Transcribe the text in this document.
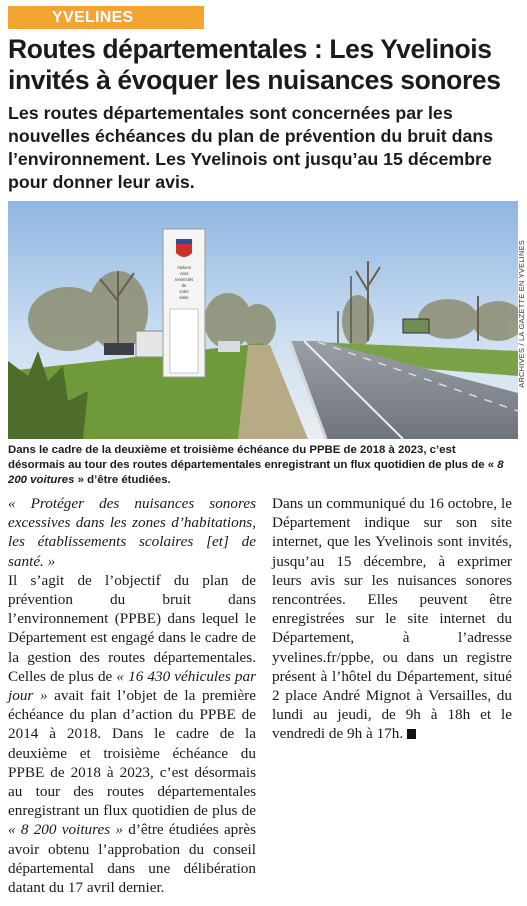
YVELINES
Routes départementales : Les Yvelinois invités à évoquer les nuisances sonores

Les routes départementales sont concernées par les nouvelles échéances du plan de prévention du bruit dans l’environnement. Les Yvelinois ont jusqu’au 15 décembre pour donner leur avis.

Ateliers
vous
remerciés
de
votre
visite	ARCHIVES / LA GAZETTE EN YVELINES

Dans le cadre de la deuxième et troisième échéance du PPBE de 2018 à 2023, c’est désormais au tour des routes départementales enregistrant un flux quotidien de plus de « 8 200 voitures » d’être étudiées.

« Protéger des nuisances sonores excessives dans les zones d’habitations, les établissements scolaires [et] de santé. »

Il s’agit de l’objectif du plan de prévention du bruit dans l’environnement (PPBE) dans lequel le Département est engagé dans le cadre de la gestion des routes départementales. Celles de plus de « 16 430 véhicules par jour » avait fait l’objet de la première échéance du plan d’action du PPBE de 2014 à 2018. Dans le cadre de la deuxième et troisième échéance du PPBE de 2018 à 2023, c’est désormais au tour des routes départementales enregistrant un flux quotidien de plus de « 8 200 voitures » d’être étudiées après avoir obtenu l’approbation du conseil départemental dans une délibération datant du 17 avril dernier.

Dans un communiqué du 16 octobre, le Département indique sur son site internet, que les Yvelinois sont invités, jusqu’au 15 décembre, à exprimer leurs avis sur les nuisances sonores rencontrées. Elles peuvent être enregistrées sur le site internet du Département, à l’adresse yvelines.fr/ppbe, ou dans un registre présent à l’hôtel du Département, situé 2 place André Mignot à Versailles, du lundi au jeudi, de 9h à 18h et le vendredi de 9h à 17h.
